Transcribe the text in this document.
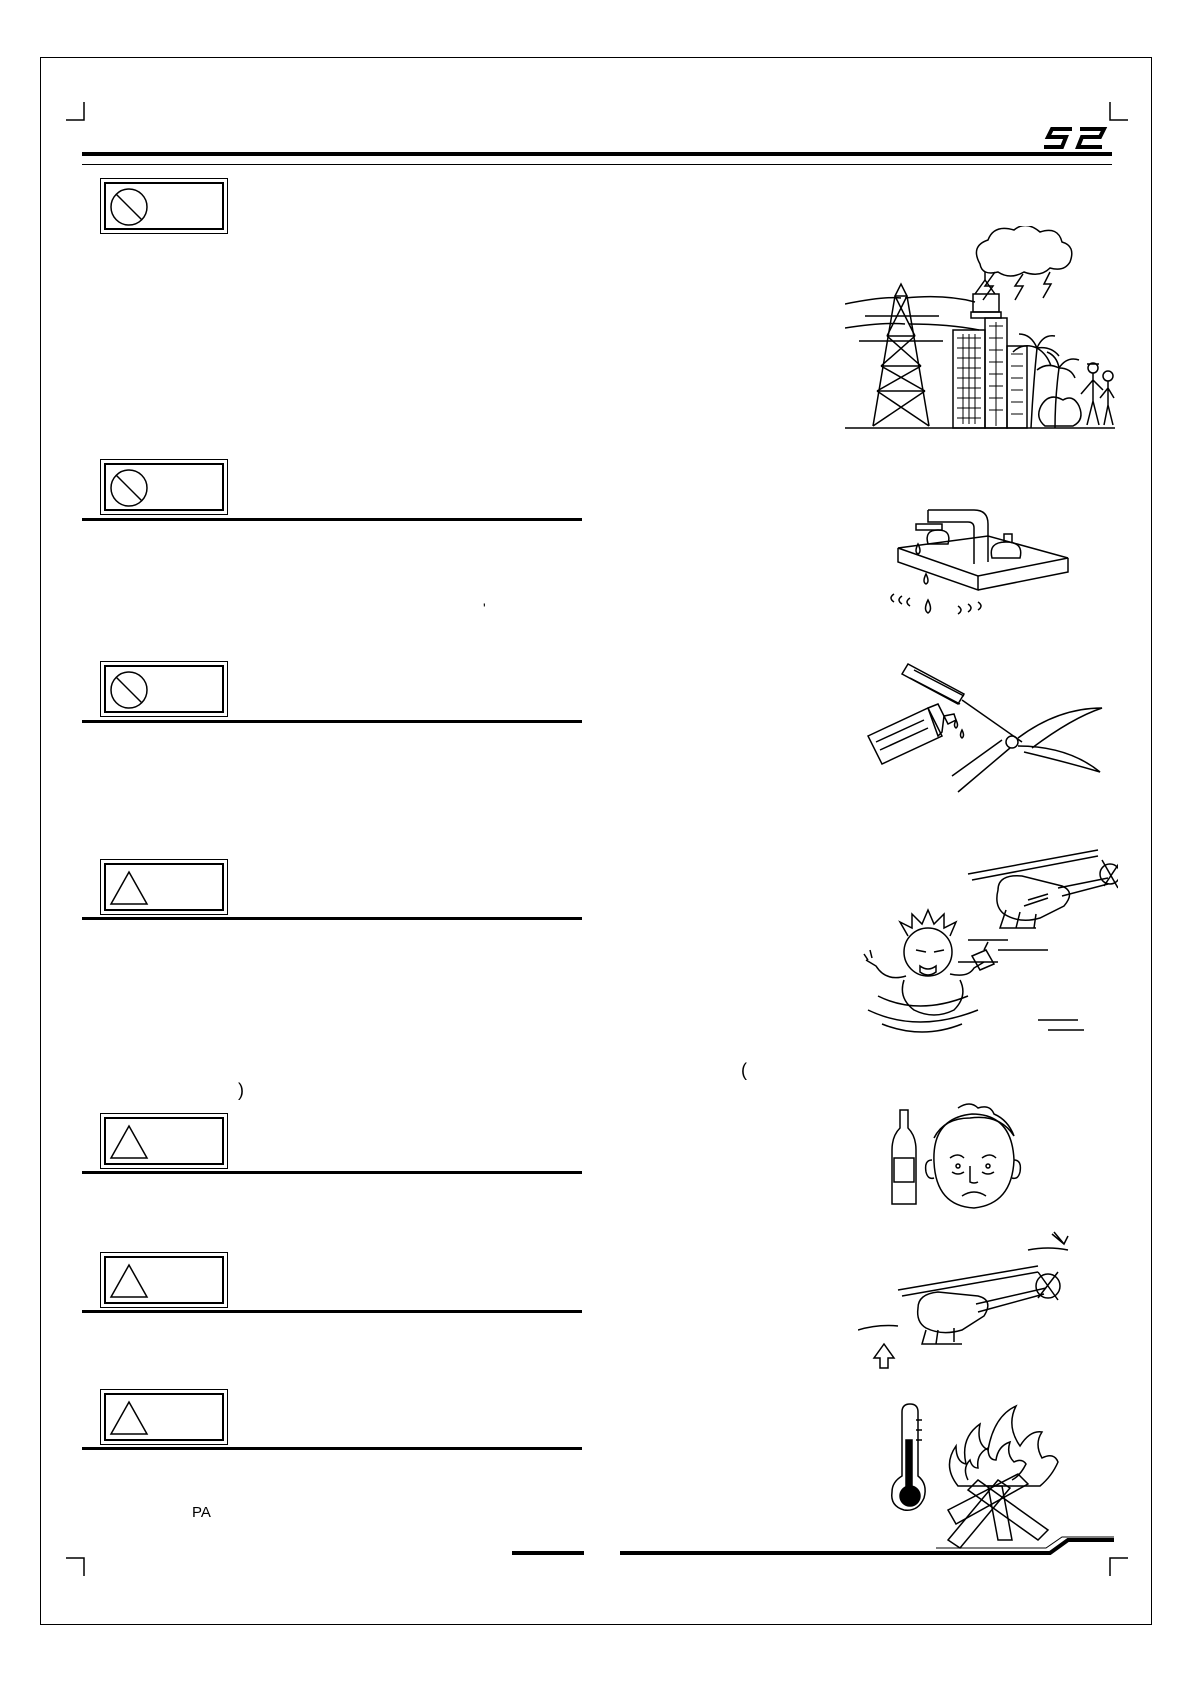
'
(
)
PA
